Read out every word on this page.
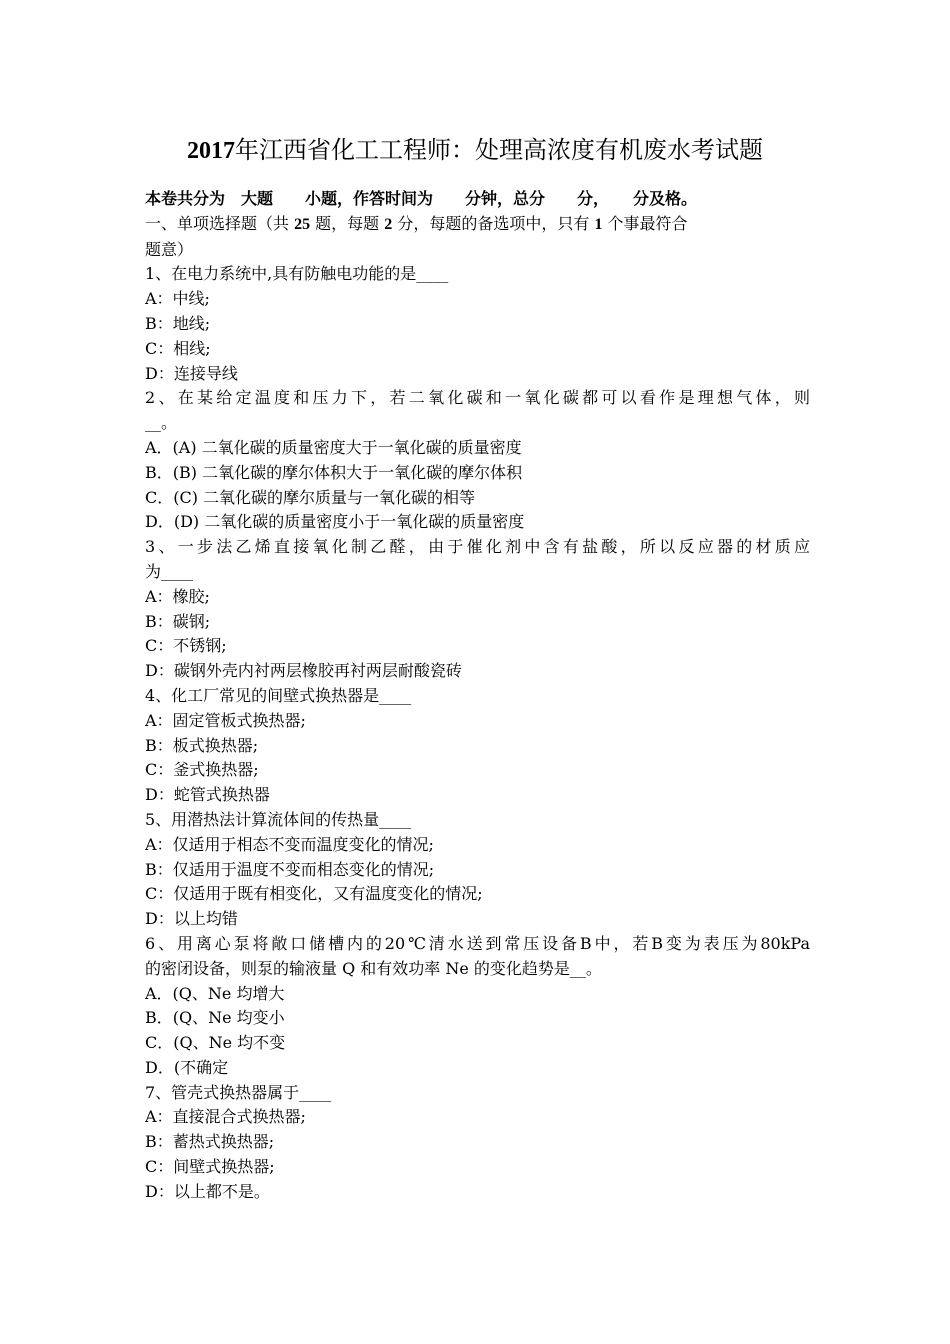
2017年江西省化工工程师：处理高浓度有机废水考试题
本卷共分为　大题　　小题，作答时间为　　分钟，总分　　分，　　分及格。
一、单项选择题（共 25 题，每题 2 分，每题的备选项中，只有 1 个事最符合
题意）
1、在电力系统中,具有防触电功能的是____
A：中线;
B：地线;
C：相线;
D：连接导线
2、在某给定温度和压力下，若二氧化碳和一氧化碳都可以看作是理想气体，则
__。
A．(A) 二氧化碳的质量密度大于一氧化碳的质量密度
B．(B) 二氧化碳的摩尔体积大于一氧化碳的摩尔体积
C．(C) 二氧化碳的摩尔质量与一氧化碳的相等
D．(D) 二氧化碳的质量密度小于一氧化碳的质量密度
3、一步法乙烯直接氧化制乙醛，由于催化剂中含有盐酸，所以反应器的材质应
为____
A：橡胶;
B：碳钢;
C：不锈钢;
D：碳钢外壳内衬两层橡胶再衬两层耐酸瓷砖
4、化工厂常见的间壁式换热器是____
A：固定管板式换热器;
B：板式换热器;
C：釜式换热器;
D：蛇管式换热器
5、用潜热法计算流体间的传热量____
A：仅适用于相态不变而温度变化的情况;
B：仅适用于温度不变而相态变化的情况;
C：仅适用于既有相变化，又有温度变化的情况;
D：以上均错
6、用离心泵将敞口储槽内的20℃清水送到常压设备B中，若B变为表压为80kPa
的密闭设备，则泵的输液量 Q 和有效功率 Ne 的变化趋势是__。
A．(Q、Ne 均增大
B．(Q、Ne 均变小
C．(Q、Ne 均不变
D．(不确定
7、管壳式换热器属于____
A：直接混合式换热器;
B：蓄热式换热器;
C：间壁式换热器;
D：以上都不是。
